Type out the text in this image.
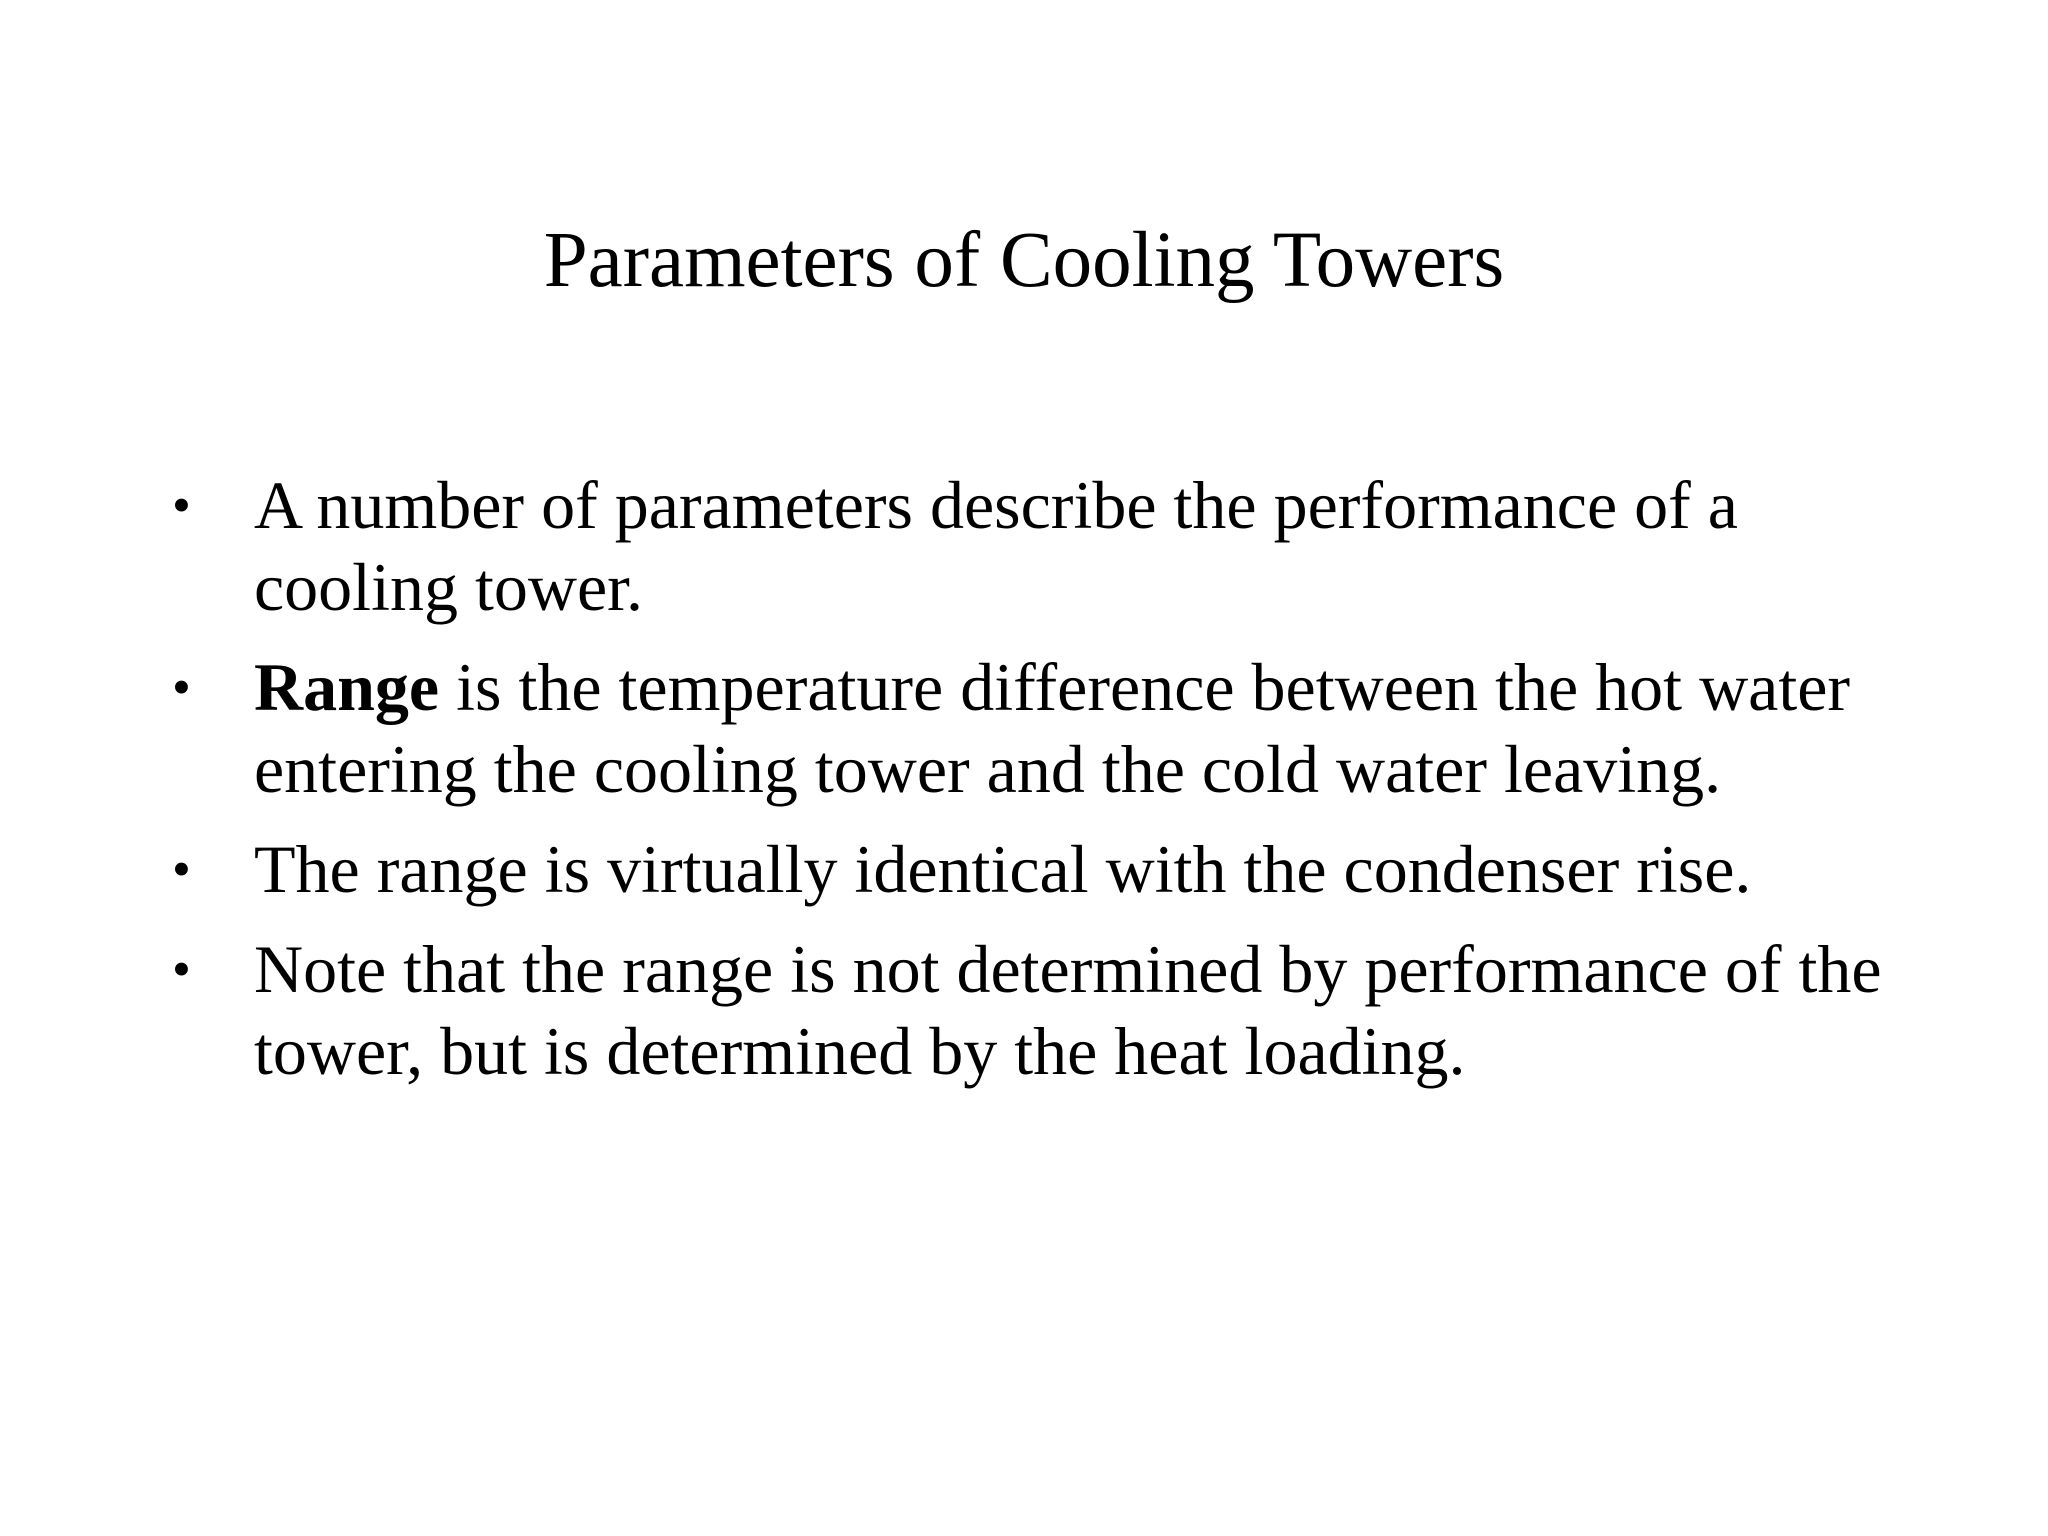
Parameters of Cooling Towers
• A number of parameters describe the performance of a cooling tower.
• Range is the temperature difference between the hot water entering the cooling tower and the cold water leaving.
• The range is virtually identical with the condenser rise.
• Note that the range is not determined by performance of the tower, but is determined by the heat loading.
